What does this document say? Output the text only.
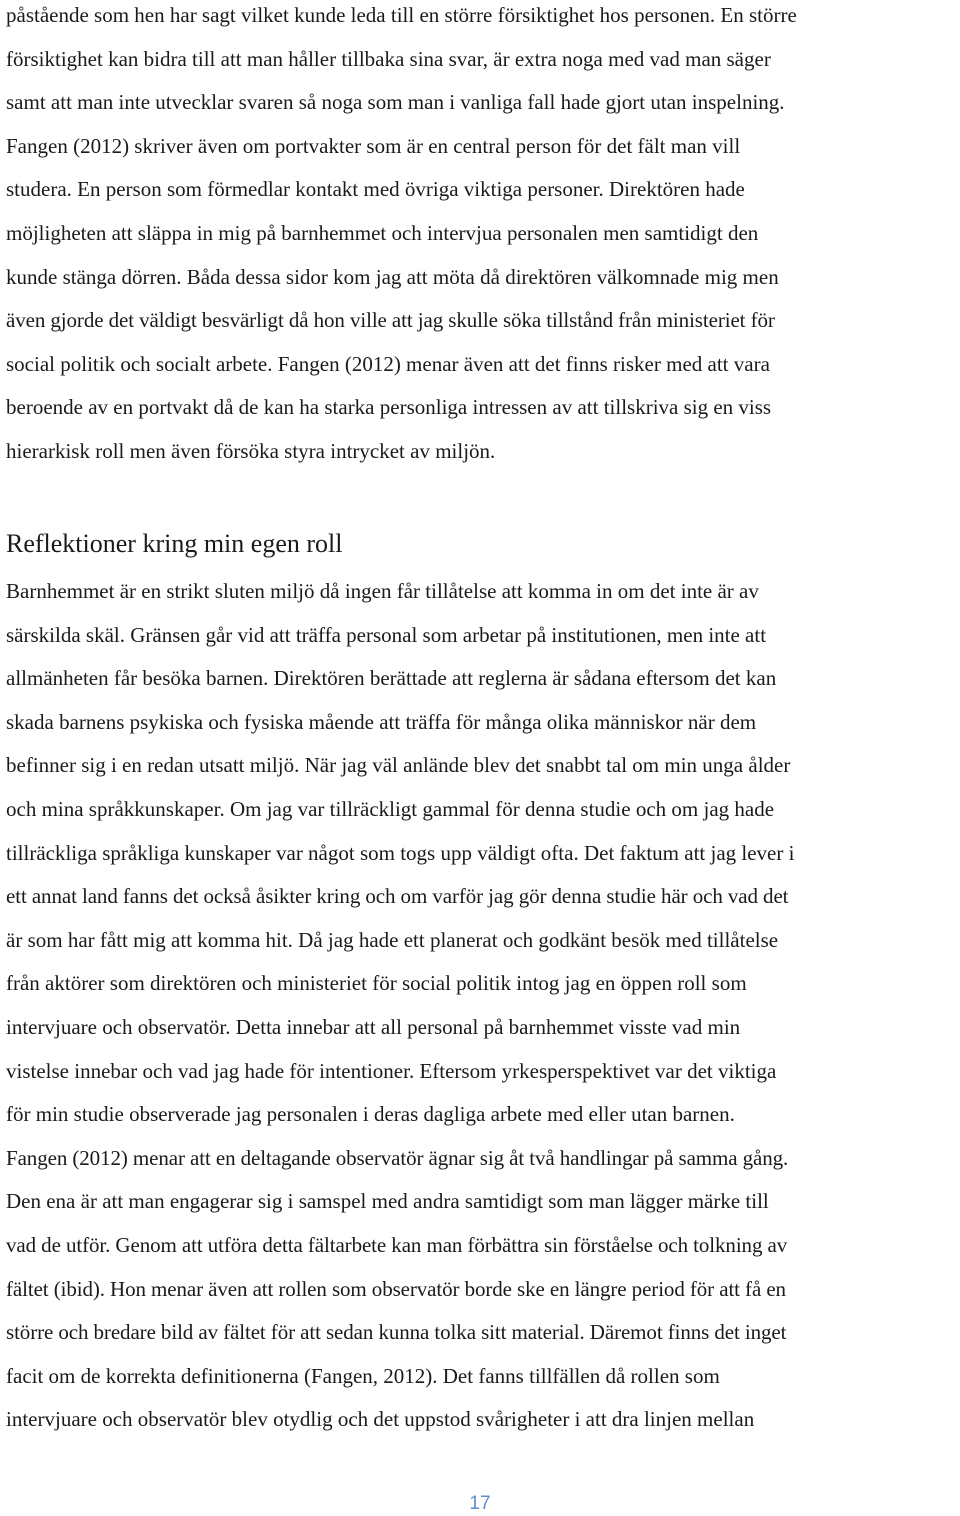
påstående som hen har sagt vilket kunde leda till en större försiktighet hos personen. En större
försiktighet kan bidra till att man håller tillbaka sina svar, är extra noga med vad man säger
samt att man inte utvecklar svaren så noga som man i vanliga fall hade gjort utan inspelning.
Fangen (2012) skriver även om portvakter som är en central person för det fält man vill
studera. En person som förmedlar kontakt med övriga viktiga personer. Direktören hade
möjligheten att släppa in mig på barnhemmet och intervjua personalen men samtidigt den
kunde stänga dörren. Båda dessa sidor kom jag att möta då direktören välkomnade mig men
även gjorde det väldigt besvärligt då hon ville att jag skulle söka tillstånd från ministeriet för
social politik och socialt arbete. Fangen (2012) menar även att det finns risker med att vara
beroende av en portvakt då de kan ha starka personliga intressen av att tillskriva sig en viss
hierarkisk roll men även försöka styra intrycket av miljön.
Reflektioner kring min egen roll
Barnhemmet är en strikt sluten miljö då ingen får tillåtelse att komma in om det inte är av
särskilda skäl. Gränsen går vid att träffa personal som arbetar på institutionen, men inte att
allmänheten får besöka barnen. Direktören berättade att reglerna är sådana eftersom det kan
skada barnens psykiska och fysiska mående att träffa för många olika människor när dem
befinner sig i en redan utsatt miljö. När jag väl anlände blev det snabbt tal om min unga ålder
och mina språkkunskaper. Om jag var tillräckligt gammal för denna studie och om jag hade
tillräckliga språkliga kunskaper var något som togs upp väldigt ofta. Det faktum att jag lever i
ett annat land fanns det också åsikter kring och om varför jag gör denna studie här och vad det
är som har fått mig att komma hit. Då jag hade ett planerat och godkänt besök med tillåtelse
från aktörer som direktören och ministeriet för social politik intog jag en öppen roll som
intervjuare och observatör. Detta innebar att all personal på barnhemmet visste vad min
vistelse innebar och vad jag hade för intentioner. Eftersom yrkesperspektivet var det viktiga
för min studie observerade jag personalen i deras dagliga arbete med eller utan barnen.
Fangen (2012) menar att en deltagande observatör ägnar sig åt två handlingar på samma gång.
Den ena är att man engagerar sig i samspel med andra samtidigt som man lägger märke till
vad de utför. Genom att utföra detta fältarbete kan man förbättra sin förståelse och tolkning av
fältet (ibid). Hon menar även att rollen som observatör borde ske en längre period för att få en
större och bredare bild av fältet för att sedan kunna tolka sitt material. Däremot finns det inget
facit om de korrekta definitionerna (Fangen, 2012). Det fanns tillfällen då rollen som
intervjuare och observatör blev otydlig och det uppstod svårigheter i att dra linjen mellan
17
